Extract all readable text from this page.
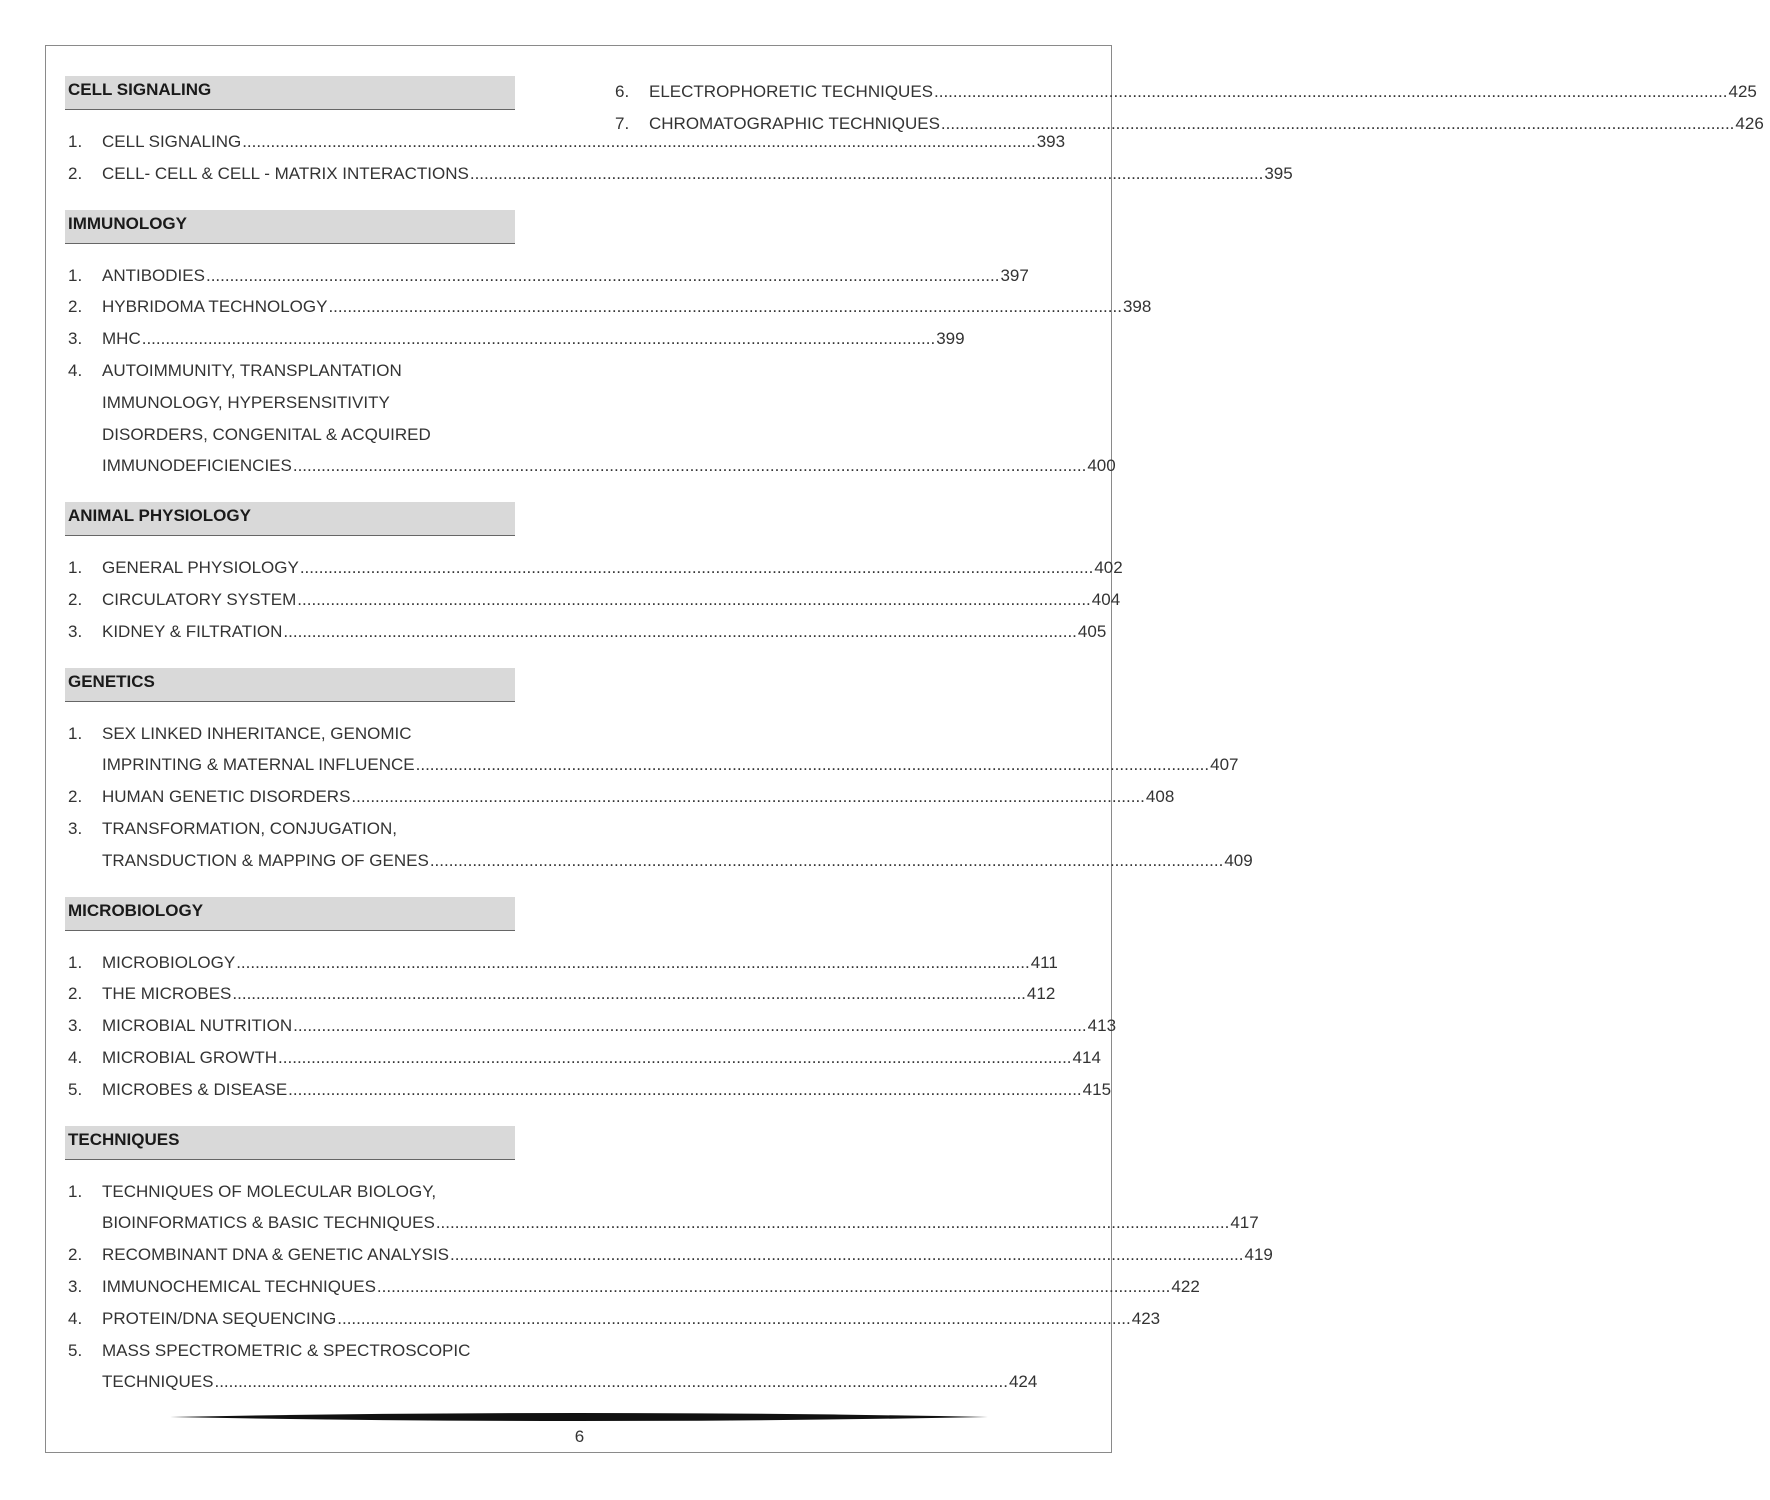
CELL SIGNALING
1.	CELL SIGNALING .....	393
2.	CELL- CELL & CELL - MATRIX INTERACTIONS .....	395
IMMUNOLOGY
1.	ANTIBODIES .....	397
2.	HYBRIDOMA TECHNOLOGY .....	398
3.	MHC .....	399
4.	AUTOIMMUNITY, TRANSPLANTATION
IMMUNOLOGY, HYPERSENSITIVITY
DISORDERS, CONGENITAL & ACQUIRED
IMMUNODEFICIENCIES .....	400
ANIMAL PHYSIOLOGY
1.	GENERAL PHYSIOLOGY .....	402
2.	CIRCULATORY SYSTEM .....	404
3.	KIDNEY & FILTRATION .....	405
GENETICS
1.	SEX LINKED INHERITANCE, GENOMIC
IMPRINTING & MATERNAL INFLUENCE .....	407
2.	HUMAN GENETIC DISORDERS .....	408
3.	TRANSFORMATION, CONJUGATION,
TRANSDUCTION & MAPPING OF GENES .....	409
MICROBIOLOGY
1.	MICROBIOLOGY .....	411
2.	THE MICROBES .....	412
3.	MICROBIAL NUTRITION .....	413
4.	MICROBIAL GROWTH .....	414
5.	MICROBES & DISEASE .....	415
TECHNIQUES
1.	TECHNIQUES OF MOLECULAR BIOLOGY,
BIOINFORMATICS & BASIC TECHNIQUES .....	417
2.	RECOMBINANT DNA & GENETIC ANALYSIS .....	419
3.	IMMUNOCHEMICAL TECHNIQUES .....	422
4.	PROTEIN/DNA SEQUENCING .....	423
5.	MASS SPECTROMETRIC & SPECTROSCOPIC
TECHNIQUES .....	424
6.	ELECTROPHORETIC TECHNIQUES .....	425
7.	CHROMATOGRAPHIC TECHNIQUES .....	426
6
